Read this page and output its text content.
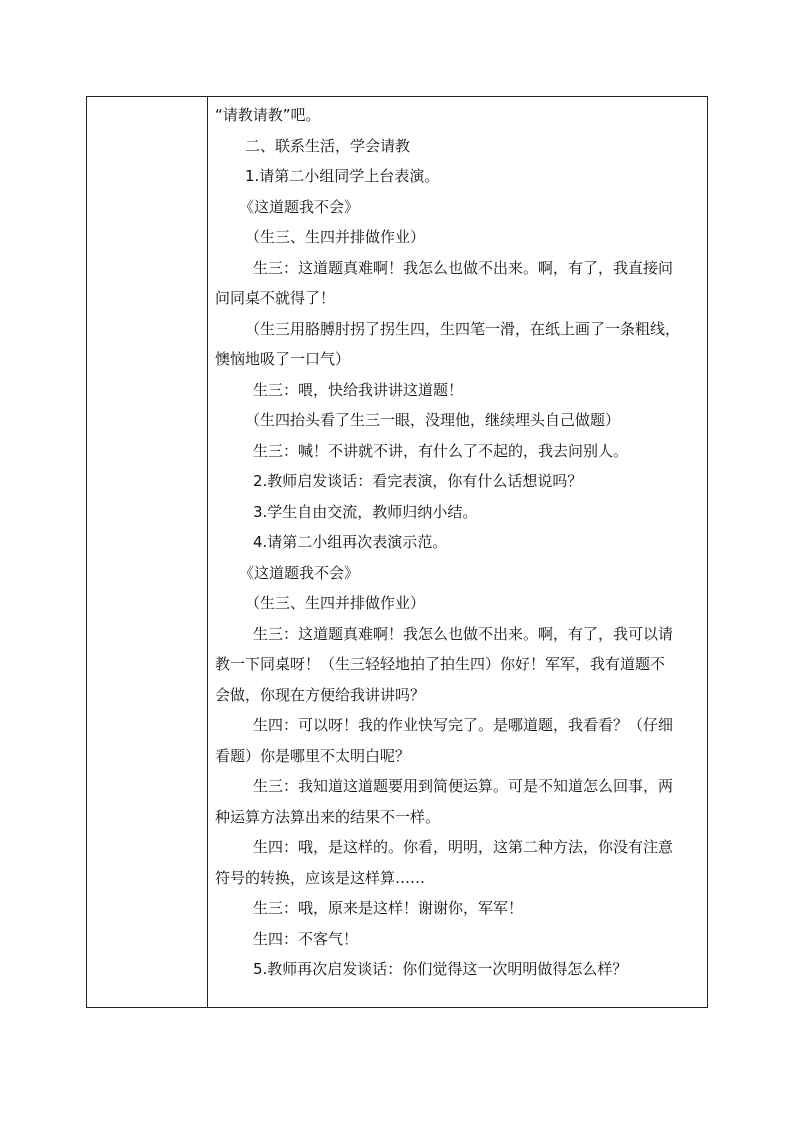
“请教请教”吧。
二、联系生活，学会请教
1.请第二小组同学上台表演。
《这道题我不会》
（生三、生四并排做作业）
生三：这道题真难啊！我怎么也做不出来。啊，有了，我直接问
问同桌不就得了！
（生三用胳膊肘拐了拐生四，生四笔一滑，在纸上画了一条粗线，
懊恼地吸了一口气）
生三：喂，快给我讲讲这道题！
（生四抬头看了生三一眼，没理他，继续埋头自己做题）
生三：喊！不讲就不讲，有什么了不起的，我去问别人。
2.教师启发谈话：看完表演，你有什么话想说吗？
3.学生自由交流，教师归纳小结。
4.请第二小组再次表演示范。
《这道题我不会》
（生三、生四并排做作业）
生三：这道题真难啊！我怎么也做不出来。啊，有了，我可以请
教一下同桌呀！（生三轻轻地拍了拍生四）你好！军军，我有道题不
会做，你现在方便给我讲讲吗？
生四：可以呀！我的作业快写完了。是哪道题，我看看？（仔细
看题）你是哪里不太明白呢？
生三：我知道这道题要用到简便运算。可是不知道怎么回事，两
种运算方法算出来的结果不一样。
生四：哦，是这样的。你看，明明，这第二种方法，你没有注意
符号的转换，应该是这样算……
生三：哦，原来是这样！谢谢你，军军！
生四：不客气！
5.教师再次启发谈话：你们觉得这一次明明做得怎么样？
